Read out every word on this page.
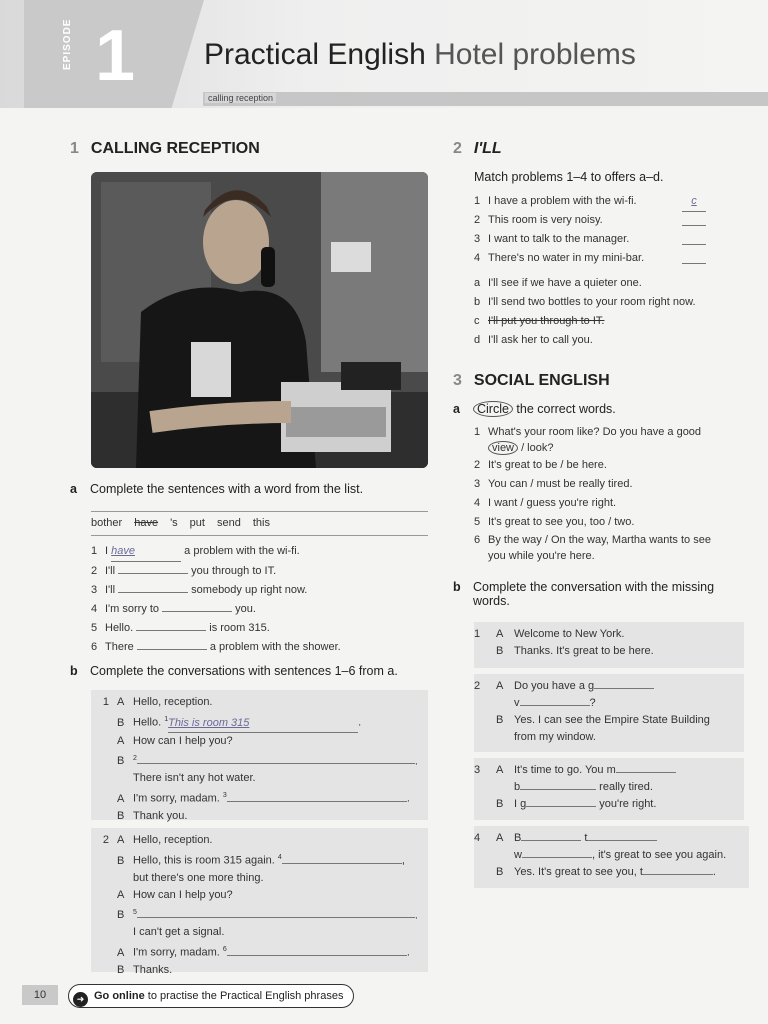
EPISODE 1 Practical English Hotel problems
calling reception
1 CALLING RECEPTION
a Complete the sentences with a word from the list.
bother have 's put send this
1 I have	a problem with the wi-fi.
2 I'll	you through to IT.
3 I'll	somebody up right now.
4 I'm sorry to	you.
5 Hello.	is room 315.
6 There	a problem with the shower.
b Complete the conversations with sentences 1–6 from a.
1 A Hello, reception.
B Hello. $^1$This is room 315	.
A How can I help you?
B $^2$	.
There isn't any hot water.
A I'm sorry, madam. $^3$	.
B Thank you.
2 A Hello, reception.
B Hello, this is room 315 again. $^4$	,
but there's one more thing.
A How can I help you?
B $^5$	.
I can't get a signal.
A I'm sorry, madam. $^6$	.
B Thanks.
2 I'LL
Match problems 1–4 to offers a–d.
1 I have a problem with the wi-fi.	c
2 This room is very noisy.
3 I want to talk to the manager.
4 There's no water in my mini-bar.
a I'll see if we have a quieter one.
b I'll send two bottles to your room right now.
c I'll put you through to IT.
d I'll ask her to call you.
3 SOCIAL ENGLISH
a Circle the correct words.
1 What's your room like? Do you have a good
view / look?
2 It's great to be / be here.
3 You can / must be really tired.
4 I want / guess you're right.
5 It's great to see you, too / two.
6 By the way / On the way, Martha wants to see
you while you're here.
b Complete the conversation with the missing words.
1 A Welcome to New York.
B Thanks. It's great to be here.
2 A Do you have a g
v	?
B Yes. I can see the Empire State Building
from my window.
3 A It's time to go. You m
b	really tired.
B I g	you're right.
4 A B	t
w	, it's great to see you again.
B Yes. It's great to see you, t	.
10	➜ Go online to practise the Practical English phrases
